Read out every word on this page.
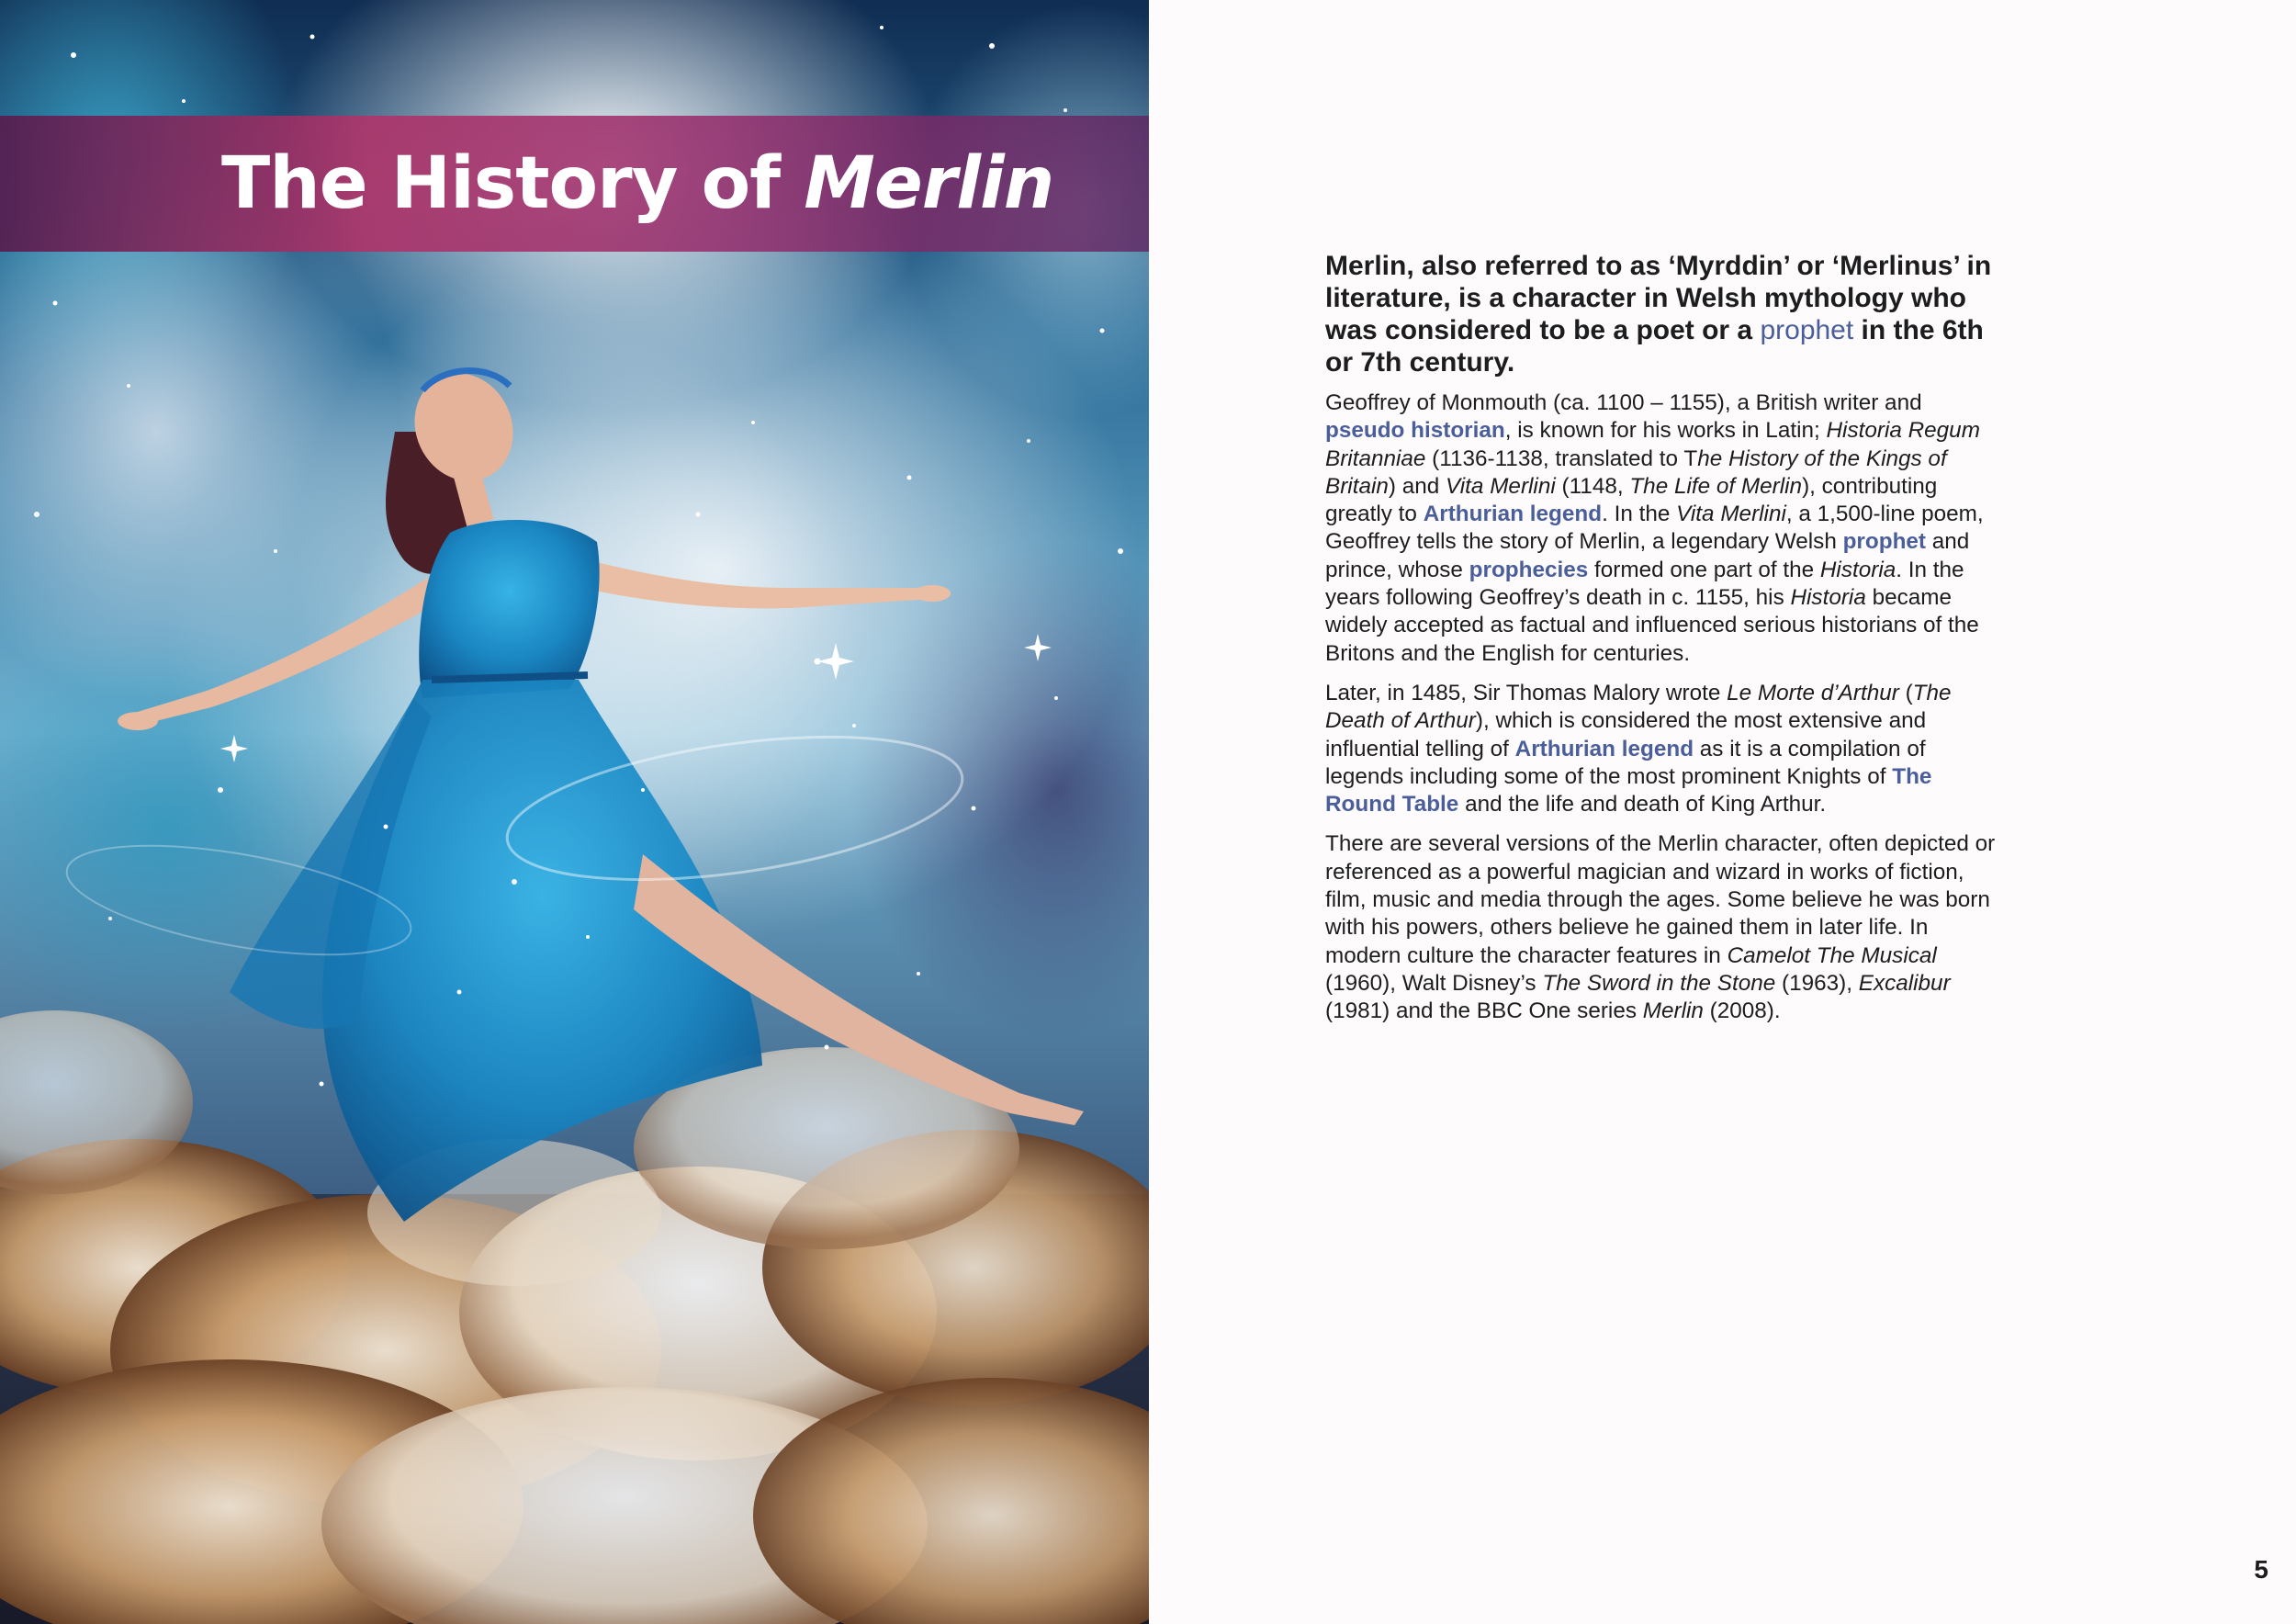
The History of Merlin

Merlin, also referred to as ‘Myrddin’ or ‘Merlinus’ in literature, is a character in Welsh mythology who was considered to be a poet or a prophet in the 6th or 7th century.

Geoffrey of Monmouth (ca. 1100 – 1155), a British writer and pseudo historian, is known for his works in Latin; Historia Regum Britanniae (1136-1138, translated to The History of the Kings of Britain) and Vita Merlini (1148, The Life of Merlin), contributing greatly to Arthurian legend. In the Vita Merlini, a 1,500-line poem, Geoffrey tells the story of Merlin, a legendary Welsh prophet and prince, whose prophecies formed one part of the Historia. In the years following Geoffrey’s death in c. 1155, his Historia became widely accepted as factual and influenced serious historians of the Britons and the English for centuries.

Later, in 1485, Sir Thomas Malory wrote Le Morte d’Arthur (The Death of Arthur), which is considered the most extensive and influential telling of Arthurian legend as it is a compilation of legends including some of the most prominent Knights of The Round Table and the life and death of King Arthur.

There are several versions of the Merlin character, often depicted or referenced as a powerful magician and wizard in works of fiction, film, music and media through the ages. Some believe he was born with his powers, others believe he gained them in later life. In modern culture the character features in Camelot The Musical (1960), Walt Disney’s The Sword in the Stone (1963), Excalibur (1981) and the BBC One series Merlin (2008).

5
